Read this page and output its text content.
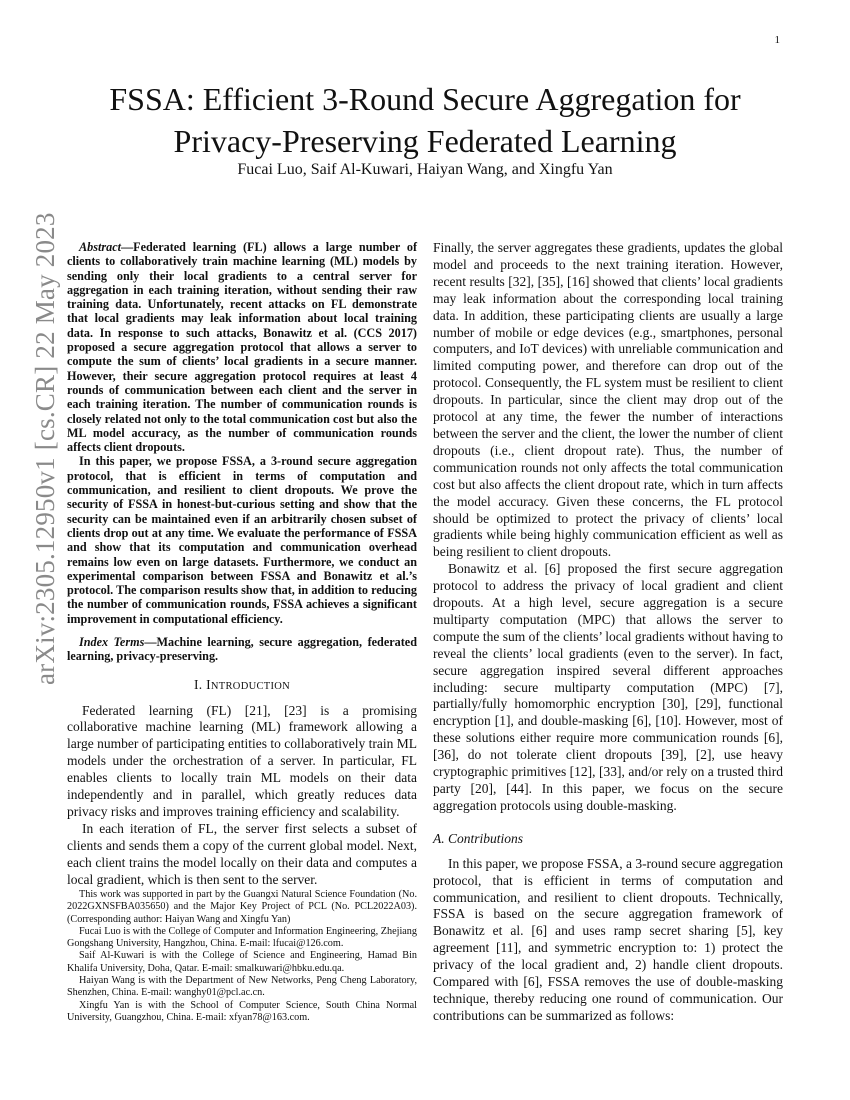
1
FSSA: Efficient 3-Round Secure Aggregation for
Privacy-Preserving Federated Learning
Fucai Luo, Saif Al-Kuwari, Haiyan Wang, and Xingfu Yan
arXiv:2305.12950v1 [cs.CR] 22 May 2023	Abstract—Federated learning (FL) allows a large number of clients to collaboratively train machine learning (ML) models by sending only their local gradients to a central server for aggregation in each training iteration, without sending their raw training data. Unfortunately, recent attacks on FL demonstrate that local gradients may leak information about local training data. In response to such attacks, Bonawitz et al. (CCS 2017) proposed a secure aggregation protocol that allows a server to compute the sum of clients’ local gradients in a secure manner. However, their secure aggregation protocol requires at least 4 rounds of communication between each client and the server in each training iteration. The number of communication rounds is closely related not only to the total communication cost but also the ML model accuracy, as the number of communication rounds affects client dropouts.

In this paper, we propose FSSA, a 3-round secure aggregation protocol, that is efficient in terms of computation and communication, and resilient to client dropouts. We prove the security of FSSA in honest-but-curious setting and show that the security can be maintained even if an arbitrarily chosen subset of clients drop out at any time. We evaluate the performance of FSSA and show that its computation and communication overhead remains low even on large datasets. Furthermore, we conduct an experimental comparison between FSSA and Bonawitz et al.’s protocol. The comparison results show that, in addition to reducing the number of communication rounds, FSSA achieves a significant improvement in computational efficiency.

Index Terms—Machine learning, secure aggregation, federated learning, privacy-preserving.

I. INTRODUCTION

Federated learning (FL) [21], [23] is a promising collaborative machine learning (ML) framework allowing a large number of participating entities to collaboratively train ML models under the orchestration of a server. In particular, FL enables clients to locally train ML models on their data independently and in parallel, which greatly reduces data privacy risks and improves training efficiency and scalability.

In each iteration of FL, the server first selects a subset of clients and sends them a copy of the current global model. Next, each client trains the model locally on their data and computes a local gradient, which is then sent to the server.

This work was supported in part by the Guangxi Natural Science Foundation (No. 2022GXNSFBA035650) and the Major Key Project of PCL (No. PCL2022A03). (Corresponding author: Haiyan Wang and Xingfu Yan)

Fucai Luo is with the College of Computer and Information Engineering, Zhejiang Gongshang University, Hangzhou, China. E-mail: lfucai@126.com.

Saif Al-Kuwari is with the College of Science and Engineering, Hamad Bin Khalifa University, Doha, Qatar. E-mail: smalkuwari@hbku.edu.qa.

Haiyan Wang is with the Department of New Networks, Peng Cheng Laboratory, Shenzhen, China. E-mail: wanghy01@pcl.ac.cn.

Xingfu Yan is with the School of Computer Science, South China Normal University, Guangzhou, China. E-mail: xfyan78@163.com.

Finally, the server aggregates these gradients, updates the global model and proceeds to the next training iteration. However, recent results [32], [35], [16] showed that clients’ local gradients may leak information about the corresponding local training data. In addition, these participating clients are usually a large number of mobile or edge devices (e.g., smartphones, personal computers, and IoT devices) with unreliable communication and limited computing power, and therefore can drop out of the protocol. Consequently, the FL system must be resilient to client dropouts. In particular, since the client may drop out of the protocol at any time, the fewer the number of interactions between the server and the client, the lower the number of client dropouts (i.e., client dropout rate). Thus, the number of communication rounds not only affects the total communication cost but also affects the client dropout rate, which in turn affects the model accuracy. Given these concerns, the FL protocol should be optimized to protect the privacy of clients’ local gradients while being highly communication efficient as well as being resilient to client dropouts.

Bonawitz et al. [6] proposed the first secure aggregation protocol to address the privacy of local gradient and client dropouts. At a high level, secure aggregation is a secure multiparty computation (MPC) that allows the server to compute the sum of the clients’ local gradients without having to reveal the clients’ local gradients (even to the server). In fact, secure aggregation inspired several different approaches including: secure multiparty computation (MPC) [7], partially/fully homomorphic encryption [30], [29], functional encryption [1], and double-masking [6], [10]. However, most of these solutions either require more communication rounds [6], [36], do not tolerate client dropouts [39], [2], use heavy cryptographic primitives [12], [33], and/or rely on a trusted third party [20], [44]. In this paper, we focus on the secure aggregation protocols using double-masking.

A. Contributions

In this paper, we propose FSSA, a 3-round secure aggregation protocol, that is efficient in terms of computation and communication, and resilient to client dropouts. Technically, FSSA is based on the secure aggregation framework of Bonawitz et al. [6] and uses ramp secret sharing [5], key agreement [11], and symmetric encryption to: 1) protect the privacy of the local gradient and, 2) handle client dropouts. Compared with [6], FSSA removes the use of double-masking technique, thereby reducing one round of communication. Our contributions can be summarized as follows:
